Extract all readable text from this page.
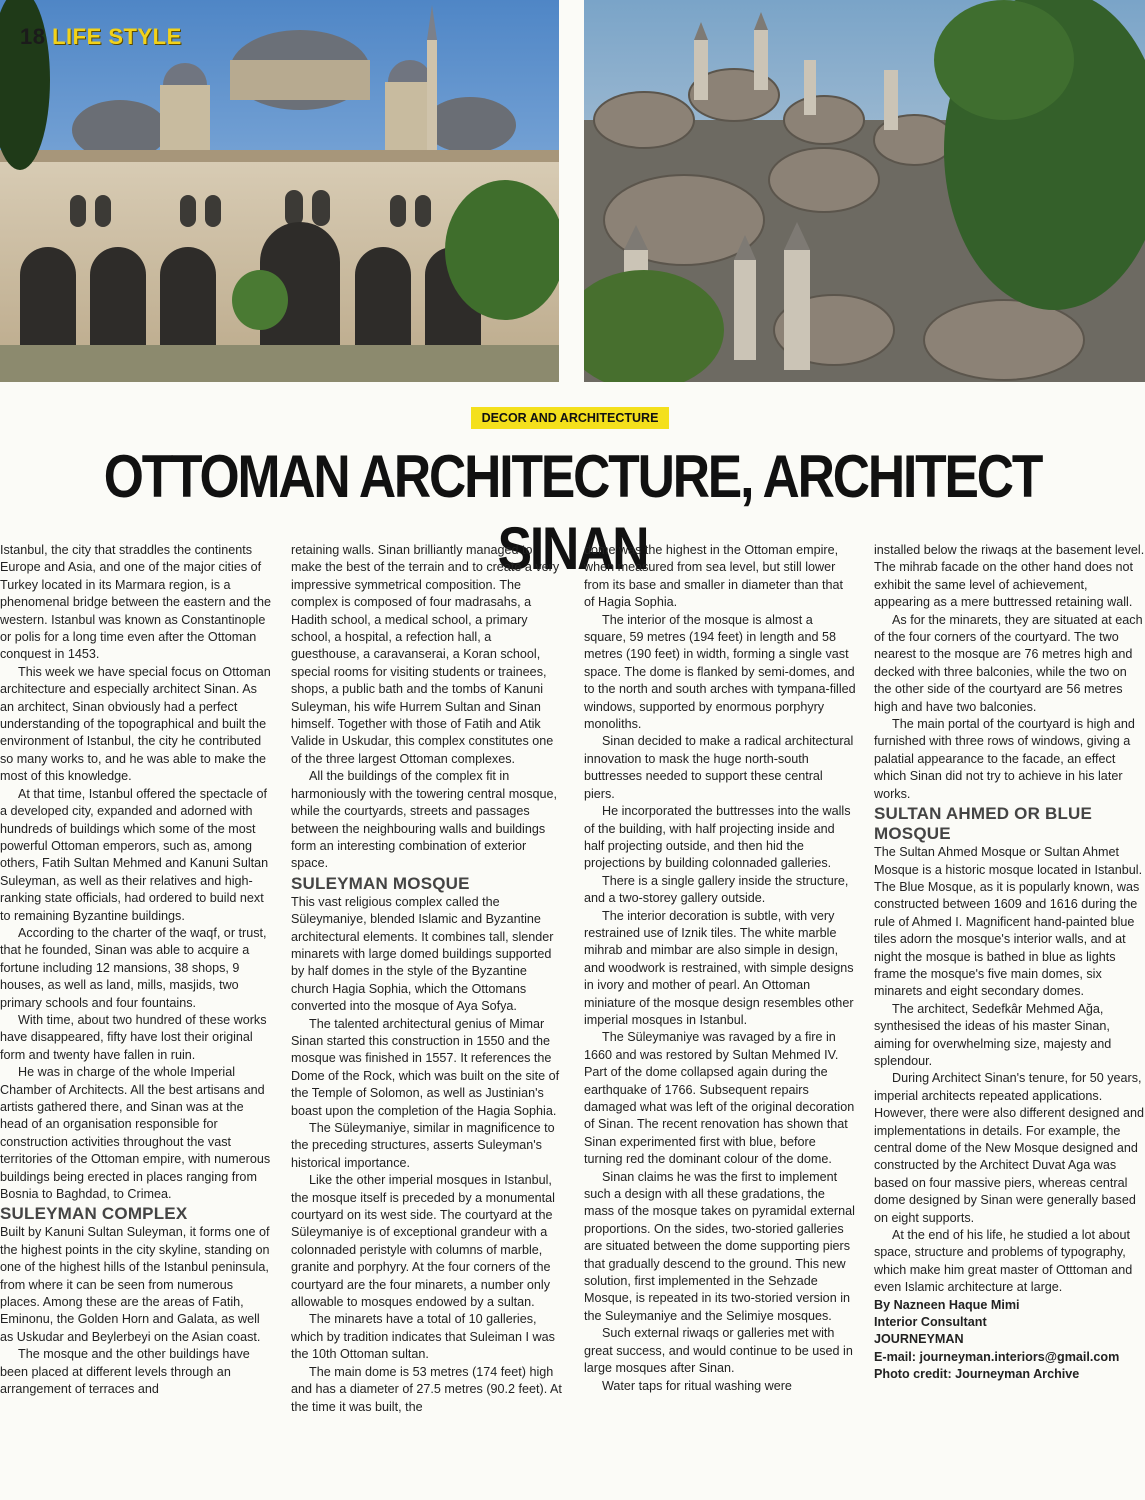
18 LIFE STYLE
DECOR AND ARCHITECTURE
OTTOMAN ARCHITECTURE, ARCHITECT SINAN

Istanbul, the city that straddles the continents Europe and Asia, and one of the major cities of Turkey located in its Marmara region, is a phenomenal bridge between the eastern and the western. Istanbul was known as Constantinople or polis for a long time even after the Ottoman conquest in 1453.

This week we have special focus on Ottoman architecture and especially architect Sinan. As an architect, Sinan obviously had a perfect understanding of the topographical and built the environment of Istanbul, the city he contributed so many works to, and he was able to make the most of this knowledge.

At that time, Istanbul offered the spectacle of a developed city, expanded and adorned with hundreds of buildings which some of the most powerful Ottoman emperors, such as, among others, Fatih Sultan Mehmed and Kanuni Sultan Suleyman, as well as their relatives and high-ranking state officials, had ordered to build next to remaining Byzantine buildings.

According to the charter of the waqf, or trust, that he founded, Sinan was able to acquire a fortune including 12 mansions, 38 shops, 9 houses, as well as land, mills, masjids, two primary schools and four fountains.

With time, about two hundred of these works have disappeared, fifty have lost their original form and twenty have fallen in ruin.

He was in charge of the whole Imperial Chamber of Architects. All the best artisans and artists gathered there, and Sinan was at the head of an organisation responsible for construction activities throughout the vast territories of the Ottoman empire, with numerous buildings being erected in places ranging from Bosnia to Baghdad, to Crimea.

SULEYMAN COMPLEX

Built by Kanuni Sultan Suleyman, it forms one of the highest points in the city skyline, standing on one of the highest hills of the Istanbul peninsula, from where it can be seen from numerous places. Among these are the areas of Fatih, Eminonu, the Golden Horn and Galata, as well as Uskudar and Beylerbeyi on the Asian coast.

The mosque and the other buildings have been placed at different levels through an arrangement of terraces and

retaining walls. Sinan brilliantly managed to make the best of the terrain and to create a very impressive symmetrical composition. The complex is composed of four madrasahs, a Hadith school, a medical school, a primary school, a hospital, a refection hall, a guesthouse, a caravanserai, a Koran school, special rooms for visiting students or trainees, shops, a public bath and the tombs of Kanuni Suleyman, his wife Hurrem Sultan and Sinan himself. Together with those of Fatih and Atik Valide in Uskudar, this complex constitutes one of the three largest Ottoman complexes.

All the buildings of the complex fit in harmoniously with the towering central mosque, while the courtyards, streets and passages between the neighbouring walls and buildings form an interesting combination of exterior space.

SULEYMAN MOSQUE

This vast religious complex called the Süleymaniye, blended Islamic and Byzantine architectural elements. It combines tall, slender minarets with large domed buildings supported by half domes in the style of the Byzantine church Hagia Sophia, which the Ottomans converted into the mosque of Aya Sofya.

The talented architectural genius of Mimar Sinan started this construction in 1550 and the mosque was finished in 1557. It references the Dome of the Rock, which was built on the site of the Temple of Solomon, as well as Justinian's boast upon the completion of the Hagia Sophia.

The Süleymaniye, similar in magnificence to the preceding structures, asserts Suleyman's historical importance.

Like the other imperial mosques in Istanbul, the mosque itself is preceded by a monumental courtyard on its west side. The courtyard at the Süleymaniye is of exceptional grandeur with a colonnaded peristyle with columns of marble, granite and porphyry. At the four corners of the courtyard are the four minarets, a number only allowable to mosques endowed by a sultan.

The minarets have a total of 10 galleries, which by tradition indicates that Suleiman I was the 10th Ottoman sultan.

The main dome is 53 metres (174 feet) high and has a diameter of 27.5 metres (90.2 feet). At the time it was built, the

dome was the highest in the Ottoman empire, when measured from sea level, but still lower from its base and smaller in diameter than that of Hagia Sophia.

The interior of the mosque is almost a square, 59 metres (194 feet) in length and 58 metres (190 feet) in width, forming a single vast space. The dome is flanked by semi-domes, and to the north and south arches with tympana-filled windows, supported by enormous porphyry monoliths.

Sinan decided to make a radical architectural innovation to mask the huge north-south buttresses needed to support these central piers.

He incorporated the buttresses into the walls of the building, with half projecting inside and half projecting outside, and then hid the projections by building colonnaded galleries.

There is a single gallery inside the structure, and a two-storey gallery outside.

The interior decoration is subtle, with very restrained use of Iznik tiles. The white marble mihrab and mimbar are also simple in design, and woodwork is restrained, with simple designs in ivory and mother of pearl. An Ottoman miniature of the mosque design resembles other imperial mosques in Istanbul.

The Süleymaniye was ravaged by a fire in 1660 and was restored by Sultan Mehmed IV. Part of the dome collapsed again during the earthquake of 1766. Subsequent repairs damaged what was left of the original decoration of Sinan. The recent renovation has shown that Sinan experimented first with blue, before turning red the dominant colour of the dome.

Sinan claims he was the first to implement such a design with all these gradations, the mass of the mosque takes on pyramidal external proportions. On the sides, two-storied galleries are situated between the dome supporting piers that gradually descend to the ground. This new solution, first implemented in the Sehzade Mosque, is repeated in its two-storied version in the Suleymaniye and the Selimiye mosques.

Such external riwaqs or galleries met with great success, and would continue to be used in large mosques after Sinan.

Water taps for ritual washing were

installed below the riwaqs at the basement level. The mihrab facade on the other hand does not exhibit the same level of achievement, appearing as a mere buttressed retaining wall.

As for the minarets, they are situated at each of the four corners of the courtyard. The two nearest to the mosque are 76 metres high and decked with three balconies, while the two on the other side of the courtyard are 56 metres high and have two balconies.

The main portal of the courtyard is high and furnished with three rows of windows, giving a palatial appearance to the facade, an effect which Sinan did not try to achieve in his later works.

SULTAN AHMED OR BLUE MOSQUE

The Sultan Ahmed Mosque or Sultan Ahmet Mosque is a historic mosque located in Istanbul. The Blue Mosque, as it is popularly known, was constructed between 1609 and 1616 during the rule of Ahmed I. Magnificent hand-painted blue tiles adorn the mosque's interior walls, and at night the mosque is bathed in blue as lights frame the mosque's five main domes, six minarets and eight secondary domes.

The architect, Sedefkâr Mehmed Ağa, synthesised the ideas of his master Sinan, aiming for overwhelming size, majesty and splendour.

During Architect Sinan's tenure, for 50 years, imperial architects repeated applications. However, there were also different designed and implementations in details. For example, the central dome of the New Mosque designed and constructed by the Architect Duvat Aga was based on four massive piers, whereas central dome designed by Sinan were generally based on eight supports.

At the end of his life, he studied a lot about space, structure and problems of typography, which make him great master of Otttoman and even Islamic architecture at large.

By Nazneen Haque Mimi
Interior Consultant
JOURNEYMAN
E-mail: journeyman.interiors@gmail.com
Photo credit: Journeyman Archive
